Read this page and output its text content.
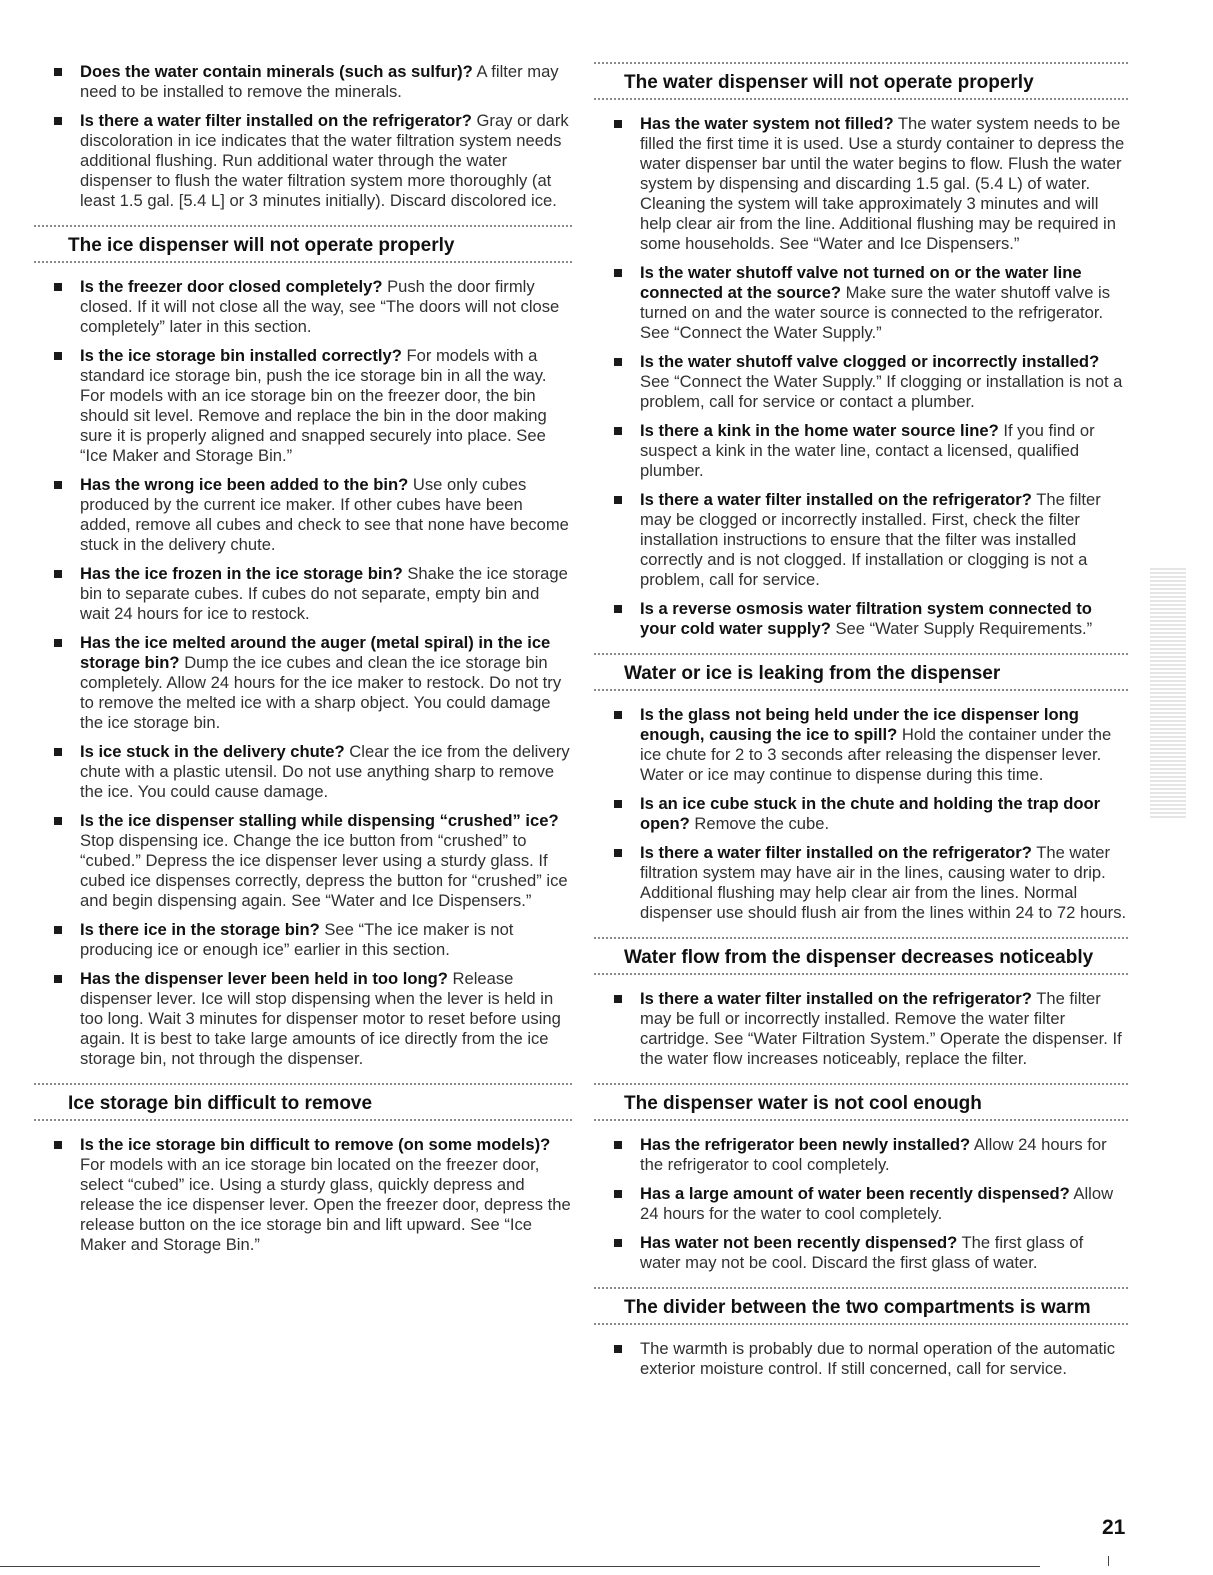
Does the water contain minerals (such as sulfur)? A filter may need to be installed to remove the minerals.
Is there a water filter installed on the refrigerator? Gray or dark discoloration in ice indicates that the water filtration system needs additional flushing. Run additional water through the water dispenser to flush the water filtration system more thoroughly (at least 1.5 gal. [5.4 L] or 3 minutes initially). Discard discolored ice.
The ice dispenser will not operate properly
Is the freezer door closed completely? Push the door firmly closed. If it will not close all the way, see “The doors will not close completely” later in this section.
Is the ice storage bin installed correctly? For models with a standard ice storage bin, push the ice storage bin in all the way. For models with an ice storage bin on the freezer door, the bin should sit level. Remove and replace the bin in the door making sure it is properly aligned and snapped securely into place. See “Ice Maker and Storage Bin.”
Has the wrong ice been added to the bin? Use only cubes produced by the current ice maker. If other cubes have been added, remove all cubes and check to see that none have become stuck in the delivery chute.
Has the ice frozen in the ice storage bin? Shake the ice storage bin to separate cubes. If cubes do not separate, empty bin and wait 24 hours for ice to restock.
Has the ice melted around the auger (metal spiral) in the ice storage bin? Dump the ice cubes and clean the ice storage bin completely. Allow 24 hours for the ice maker to restock. Do not try to remove the melted ice with a sharp object. You could damage the ice storage bin.
Is ice stuck in the delivery chute? Clear the ice from the delivery chute with a plastic utensil. Do not use anything sharp to remove the ice. You could cause damage.
Is the ice dispenser stalling while dispensing “crushed” ice? Stop dispensing ice. Change the ice button from “crushed” to “cubed.” Depress the ice dispenser lever using a sturdy glass. If cubed ice dispenses correctly, depress the button for “crushed” ice and begin dispensing again. See “Water and Ice Dispensers.”
Is there ice in the storage bin? See “The ice maker is not producing ice or enough ice” earlier in this section.
Has the dispenser lever been held in too long? Release dispenser lever. Ice will stop dispensing when the lever is held in too long. Wait 3 minutes for dispenser motor to reset before using again. It is best to take large amounts of ice directly from the ice storage bin, not through the dispenser.
Ice storage bin difficult to remove
Is the ice storage bin difficult to remove (on some models)? For models with an ice storage bin located on the freezer door, select “cubed” ice. Using a sturdy glass, quickly depress and release the ice dispenser lever. Open the freezer door, depress the release button on the ice storage bin and lift upward. See “Ice Maker and Storage Bin.”
The water dispenser will not operate properly
Has the water system not filled? The water system needs to be filled the first time it is used. Use a sturdy container to depress the water dispenser bar until the water begins to flow. Flush the water system by dispensing and discarding 1.5 gal. (5.4 L) of water. Cleaning the system will take approximately 3 minutes and will help clear air from the line. Additional flushing may be required in some households. See “Water and Ice Dispensers.”
Is the water shutoff valve not turned on or the water line connected at the source? Make sure the water shutoff valve is turned on and the water source is connected to the refrigerator. See “Connect the Water Supply.”
Is the water shutoff valve clogged or incorrectly installed? See “Connect the Water Supply.” If clogging or installation is not a problem, call for service or contact a plumber.
Is there a kink in the home water source line? If you find or suspect a kink in the water line, contact a licensed, qualified plumber.
Is there a water filter installed on the refrigerator? The filter may be clogged or incorrectly installed. First, check the filter installation instructions to ensure that the filter was installed correctly and is not clogged. If installation or clogging is not a problem, call for service.
Is a reverse osmosis water filtration system connected to your cold water supply? See “Water Supply Requirements.”
Water or ice is leaking from the dispenser
Is the glass not being held under the ice dispenser long enough, causing the ice to spill? Hold the container under the ice chute for 2 to 3 seconds after releasing the dispenser lever. Water or ice may continue to dispense during this time.
Is an ice cube stuck in the chute and holding the trap door open? Remove the cube.
Is there a water filter installed on the refrigerator? The water filtration system may have air in the lines, causing water to drip. Additional flushing may help clear air from the lines. Normal dispenser use should flush air from the lines within 24 to 72 hours.
Water flow from the dispenser decreases noticeably
Is there a water filter installed on the refrigerator? The filter may be full or incorrectly installed. Remove the water filter cartridge. See “Water Filtration System.” Operate the dispenser. If the water flow increases noticeably, replace the filter.
The dispenser water is not cool enough
Has the refrigerator been newly installed? Allow 24 hours for the refrigerator to cool completely.
Has a large amount of water been recently dispensed? Allow 24 hours for the water to cool completely.
Has water not been recently dispensed? The first glass of water may not be cool. Discard the first glass of water.
The divider between the two compartments is warm
The warmth is probably due to normal operation of the automatic exterior moisture control. If still concerned, call for service.
21
